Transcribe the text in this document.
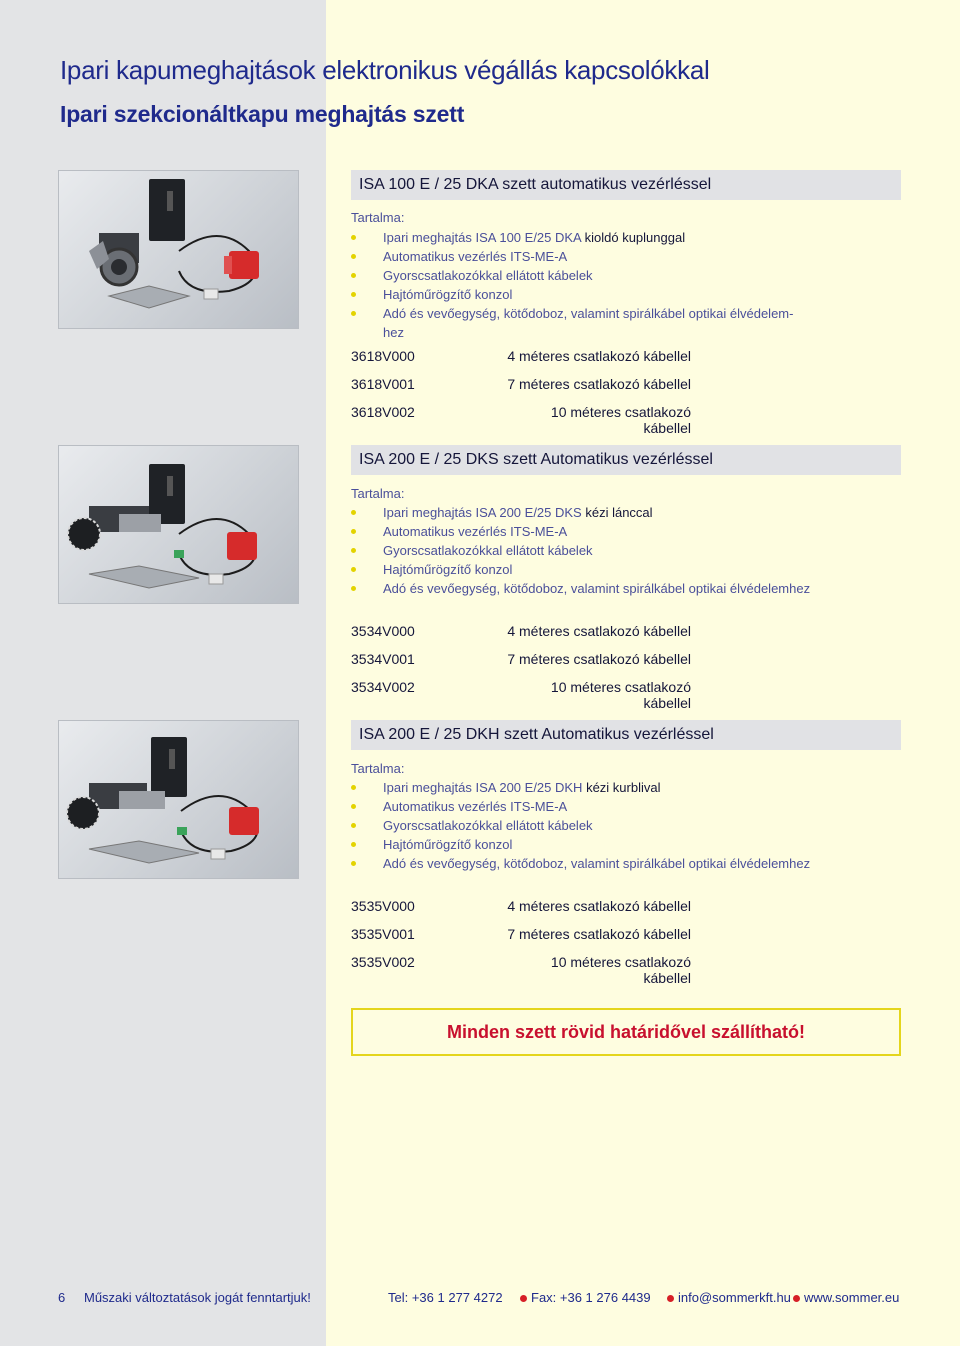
Ipari kapumeghajtások elektronikus végállás kapcsolókkal
Ipari szekcionáltkapu meghajtás szett
ISA 100 E / 25 DKA szett automatikus vezérléssel
Tartalma:
Ipari meghajtás ISA 100 E/25 DKA kioldó kuplunggal
Automatikus vezérlés ITS-ME-A
Gyorscsatlakozókkal ellátott kábelek
Hajtóműrögzítő konzol
Adó és vevőegység, kötődoboz, valamint spirálkábel optikai élvédelem-
hez
3618V000	4 méteres csatlakozó kábellel
3618V001	7 méteres csatlakozó kábellel
3618V002	10 méteres csatlakozó kábellel
ISA 200 E / 25 DKS szett Automatikus vezérléssel
Tartalma:
Ipari meghajtás ISA 200 E/25 DKS kézi lánccal
Automatikus vezérlés ITS-ME-A
Gyorscsatlakozókkal ellátott kábelek
Hajtóműrögzítő konzol
Adó és vevőegység, kötődoboz, valamint spirálkábel optikai élvédelemhez
3534V000	4 méteres csatlakozó kábellel
3534V001	7 méteres csatlakozó kábellel
3534V002	10 méteres csatlakozó kábellel
ISA 200 E / 25 DKH szett Automatikus vezérléssel
Tartalma:
Ipari meghajtás ISA 200 E/25 DKH kézi kurblival
Automatikus vezérlés ITS-ME-A
Gyorscsatlakozókkal ellátott kábelek
Hajtóműrögzítő konzol
Adó és vevőegység, kötődoboz, valamint spirálkábel optikai élvédelemhez
3535V000	4 méteres csatlakozó kábellel
3535V001	7 méteres csatlakozó kábellel
3535V002	10 méteres csatlakozó kábellel
Minden szett rövid határidővel szállítható!
6 Műszaki változtatások jogát fenntartjuk!	Tel: +36 1 277 4272 Fax: +36 1 276 4439 info@sommerkft.hu www.sommer.eu
